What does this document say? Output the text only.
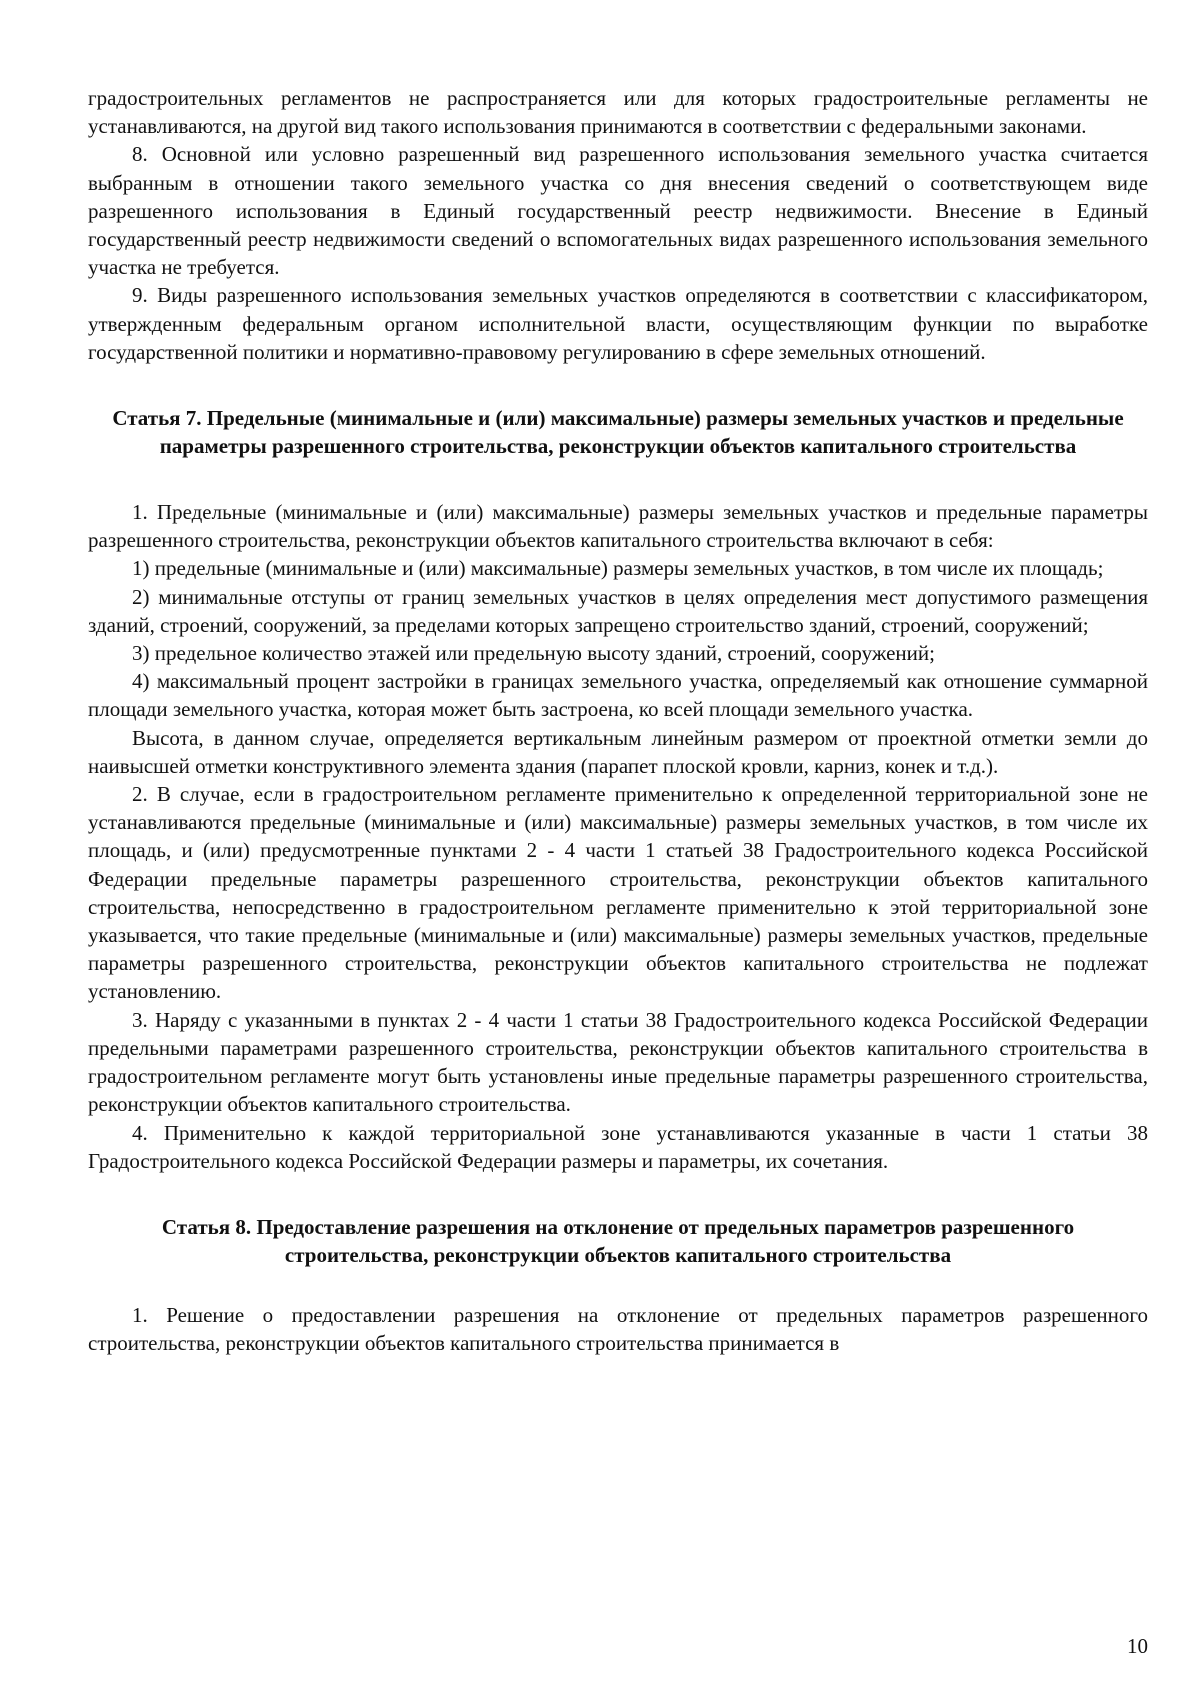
градостроительных регламентов не распространяется или для которых градостроительные регламенты не устанавливаются, на другой вид такого использования принимаются в соответствии с федеральными законами.

8. Основной или условно разрешенный вид разрешенного использования земельного участка считается выбранным в отношении такого земельного участка со дня внесения сведений о соответствующем виде разрешенного использования в Единый государственный реестр недвижимости. Внесение в Единый государственный реестр недвижимости сведений о вспомогательных видах разрешенного использования земельного участка не требуется.

9. Виды разрешенного использования земельных участков определяются в соответствии с классификатором, утвержденным федеральным органом исполнительной власти, осуществляющим функции по выработке государственной политики и нормативно-правовому регулированию в сфере земельных отношений.

Статья 7. Предельные (минимальные и (или) максимальные) размеры земельных участков и предельные параметры разрешенного строительства, реконструкции объектов капитального строительства

1. Предельные (минимальные и (или) максимальные) размеры земельных участков и предельные параметры разрешенного строительства, реконструкции объектов капитального строительства включают в себя:

1) предельные (минимальные и (или) максимальные) размеры земельных участков, в том числе их площадь;

2) минимальные отступы от границ земельных участков в целях определения мест допустимого размещения зданий, строений, сооружений, за пределами которых запрещено строительство зданий, строений, сооружений;

3) предельное количество этажей или предельную высоту зданий, строений, сооружений;

4) максимальный процент застройки в границах земельного участка, определяемый как отношение суммарной площади земельного участка, которая может быть застроена, ко всей площади земельного участка.

Высота, в данном случае, определяется вертикальным линейным размером от проектной отметки земли до наивысшей отметки конструктивного элемента здания (парапет плоской кровли, карниз, конек и т.д.).

2. В случае, если в градостроительном регламенте применительно к определенной территориальной зоне не устанавливаются предельные (минимальные и (или) максимальные) размеры земельных участков, в том числе их площадь, и (или) предусмотренные пунктами 2 - 4 части 1 статьей 38 Градостроительного кодекса Российской Федерации предельные параметры разрешенного строительства, реконструкции объектов капитального строительства, непосредственно в градостроительном регламенте применительно к этой территориальной зоне указывается, что такие предельные (минимальные и (или) максимальные) размеры земельных участков, предельные параметры разрешенного строительства, реконструкции объектов капитального строительства не подлежат установлению.

3. Наряду с указанными в пунктах 2 - 4 части 1 статьи 38 Градостроительного кодекса Российской Федерации предельными параметрами разрешенного строительства, реконструкции объектов капитального строительства в градостроительном регламенте могут быть установлены иные предельные параметры разрешенного строительства, реконструкции объектов капитального строительства.

4. Применительно к каждой территориальной зоне устанавливаются указанные в части 1 статьи 38 Градостроительного кодекса Российской Федерации размеры и параметры, их сочетания.

Статья 8. Предоставление разрешения на отклонение от предельных параметров разрешенного строительства, реконструкции объектов капитального строительства

1. Решение о предоставлении разрешения на отклонение от предельных параметров разрешенного строительства, реконструкции объектов капитального строительства принимается в

10
